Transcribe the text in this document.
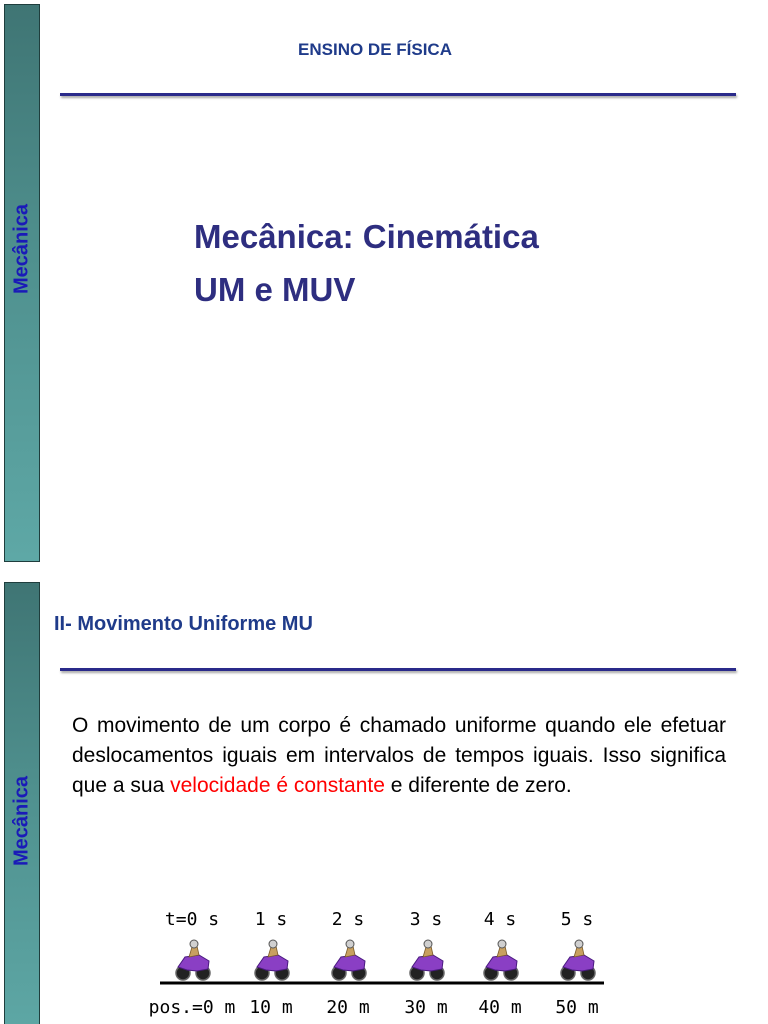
Mecânica
ENSINO DE FÍSICA
Mecânica: Cinemática
UM e MUV
Mecânica
II- Movimento Uniforme MU

O movimento de um corpo é chamado uniforme quando ele efetuar deslocamentos iguais em intervalos de tempos iguais. Isso significa que a sua velocidade é constante e diferente de zero.

t=0 s
pos.=0 m
1 s
10 m
2 s
20 m
3 s
30 m
4 s
40 m
5 s
50 m
